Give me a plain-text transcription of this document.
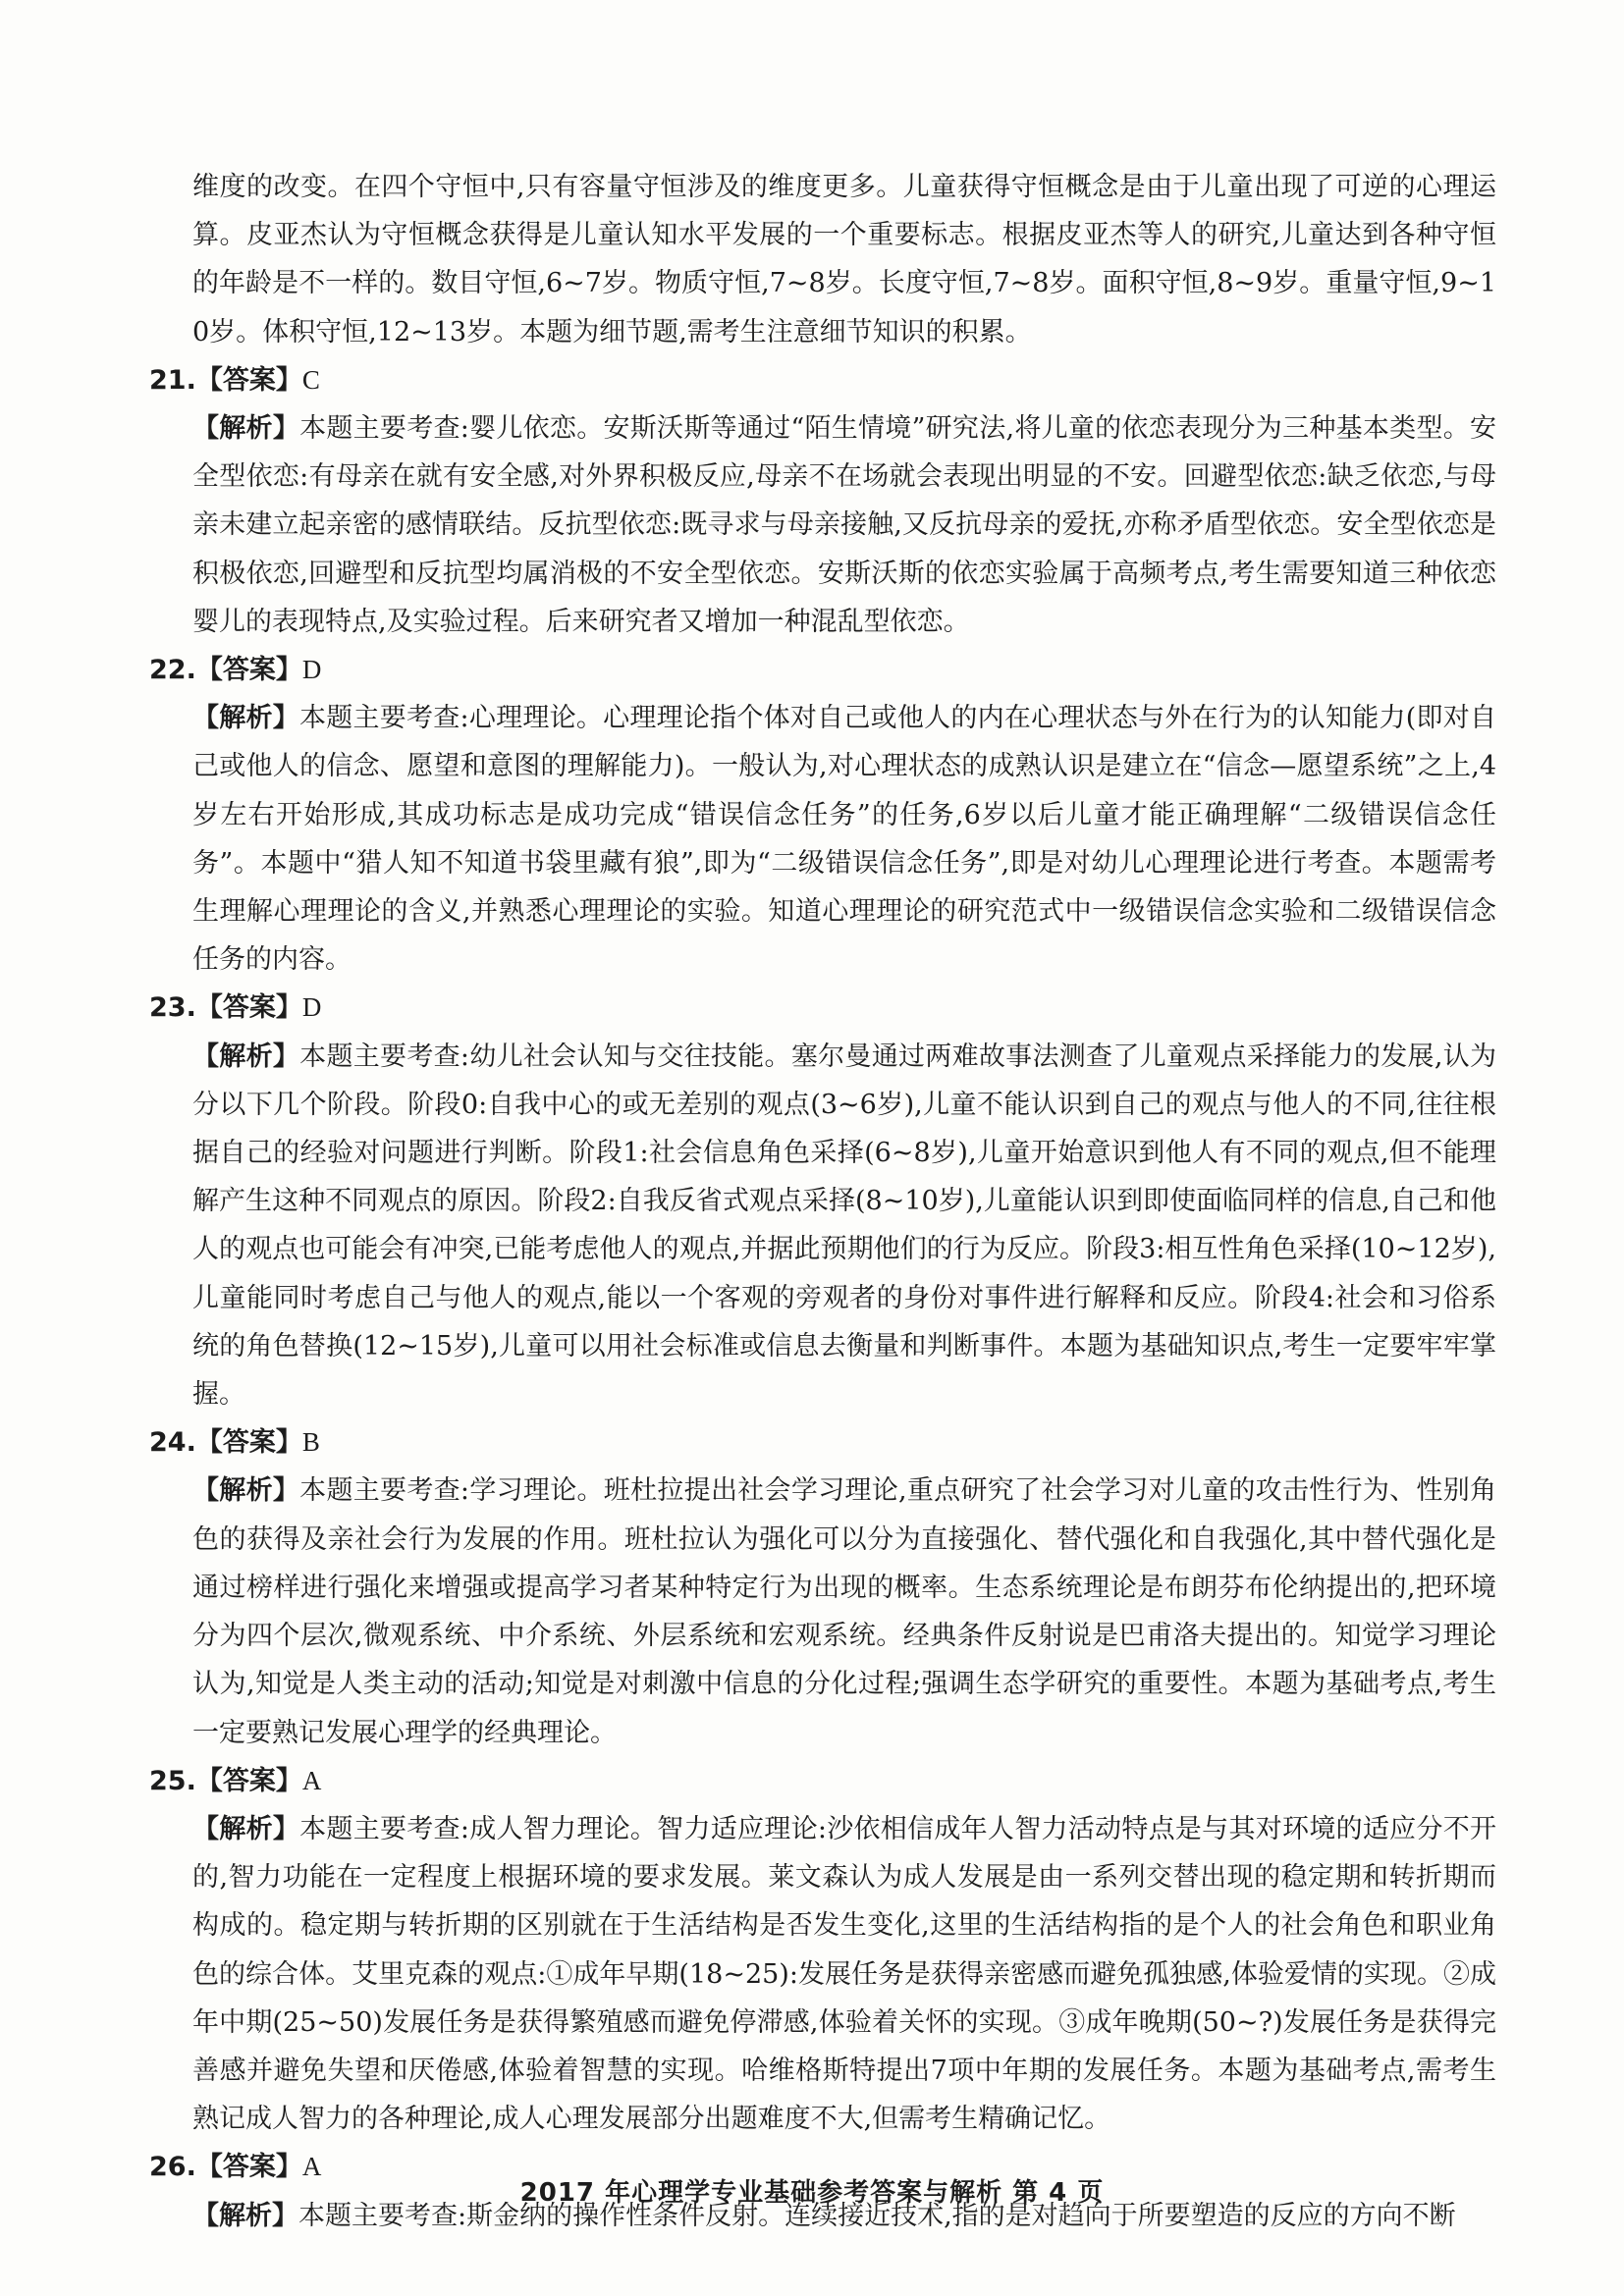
维度的改变。在四个守恒中,只有容量守恒涉及的维度更多。儿童获得守恒概念是由于儿童出现了可逆的心理运算。皮亚杰认为守恒概念获得是儿童认知水平发展的一个重要标志。根据皮亚杰等人的研究,儿童达到各种守恒的年龄是不一样的。数目守恒,6~7岁。物质守恒,7~8岁。长度守恒,7~8岁。面积守恒,8~9岁。重量守恒,9~10岁。体积守恒,12~13岁。本题为细节题,需考生注意细节知识的积累。

21.【答案】C

【解析】本题主要考查:婴儿依恋。安斯沃斯等通过“陌生情境”研究法,将儿童的依恋表现分为三种基本类型。安全型依恋:有母亲在就有安全感,对外界积极反应,母亲不在场就会表现出明显的不安。回避型依恋:缺乏依恋,与母亲未建立起亲密的感情联结。反抗型依恋:既寻求与母亲接触,又反抗母亲的爱抚,亦称矛盾型依恋。安全型依恋是积极依恋,回避型和反抗型均属消极的不安全型依恋。安斯沃斯的依恋实验属于高频考点,考生需要知道三种依恋婴儿的表现特点,及实验过程。后来研究者又增加一种混乱型依恋。

22.【答案】D

【解析】本题主要考查:心理理论。心理理论指个体对自己或他人的内在心理状态与外在行为的认知能力(即对自己或他人的信念、愿望和意图的理解能力)。一般认为,对心理状态的成熟认识是建立在“信念—愿望系统”之上,4岁左右开始形成,其成功标志是成功完成“错误信念任务”的任务,6岁以后儿童才能正确理解“二级错误信念任务”。本题中“猎人知不知道书袋里藏有狼”,即为“二级错误信念任务”,即是对幼儿心理理论进行考查。本题需考生理解心理理论的含义,并熟悉心理理论的实验。知道心理理论的研究范式中一级错误信念实验和二级错误信念任务的内容。

23.【答案】D

【解析】本题主要考查:幼儿社会认知与交往技能。塞尔曼通过两难故事法测查了儿童观点采择能力的发展,认为分以下几个阶段。阶段0:自我中心的或无差别的观点(3~6岁),儿童不能认识到自己的观点与他人的不同,往往根据自己的经验对问题进行判断。阶段1:社会信息角色采择(6~8岁),儿童开始意识到他人有不同的观点,但不能理解产生这种不同观点的原因。阶段2:自我反省式观点采择(8~10岁),儿童能认识到即使面临同样的信息,自己和他人的观点也可能会有冲突,已能考虑他人的观点,并据此预期他们的行为反应。阶段3:相互性角色采择(10~12岁),儿童能同时考虑自己与他人的观点,能以一个客观的旁观者的身份对事件进行解释和反应。阶段4:社会和习俗系统的角色替换(12~15岁),儿童可以用社会标准或信息去衡量和判断事件。本题为基础知识点,考生一定要牢牢掌握。

24.【答案】B

【解析】本题主要考查:学习理论。班杜拉提出社会学习理论,重点研究了社会学习对儿童的攻击性行为、性别角色的获得及亲社会行为发展的作用。班杜拉认为强化可以分为直接强化、替代强化和自我强化,其中替代强化是通过榜样进行强化来增强或提高学习者某种特定行为出现的概率。生态系统理论是布朗芬布伦纳提出的,把环境分为四个层次,微观系统、中介系统、外层系统和宏观系统。经典条件反射说是巴甫洛夫提出的。知觉学习理论认为,知觉是人类主动的活动;知觉是对刺激中信息的分化过程;强调生态学研究的重要性。本题为基础考点,考生一定要熟记发展心理学的经典理论。

25.【答案】A

【解析】本题主要考查:成人智力理论。智力适应理论:沙依相信成年人智力活动特点是与其对环境的适应分不开的,智力功能在一定程度上根据环境的要求发展。莱文森认为成人发展是由一系列交替出现的稳定期和转折期而构成的。稳定期与转折期的区别就在于生活结构是否发生变化,这里的生活结构指的是个人的社会角色和职业角色的综合体。艾里克森的观点:①成年早期(18~25):发展任务是获得亲密感而避免孤独感,体验爱情的实现。②成年中期(25~50)发展任务是获得繁殖感而避免停滞感,体验着关怀的实现。③成年晚期(50~?)发展任务是获得完善感并避免失望和厌倦感,体验着智慧的实现。哈维格斯特提出7项中年期的发展任务。本题为基础考点,需考生熟记成人智力的各种理论,成人心理发展部分出题难度不大,但需考生精确记忆。

26.【答案】A

【解析】本题主要考查:斯金纳的操作性条件反射。连续接近技术,指的是对趋向于所要塑造的反应的方向不断

2017 年心理学专业基础参考答案与解析 第 4 页
